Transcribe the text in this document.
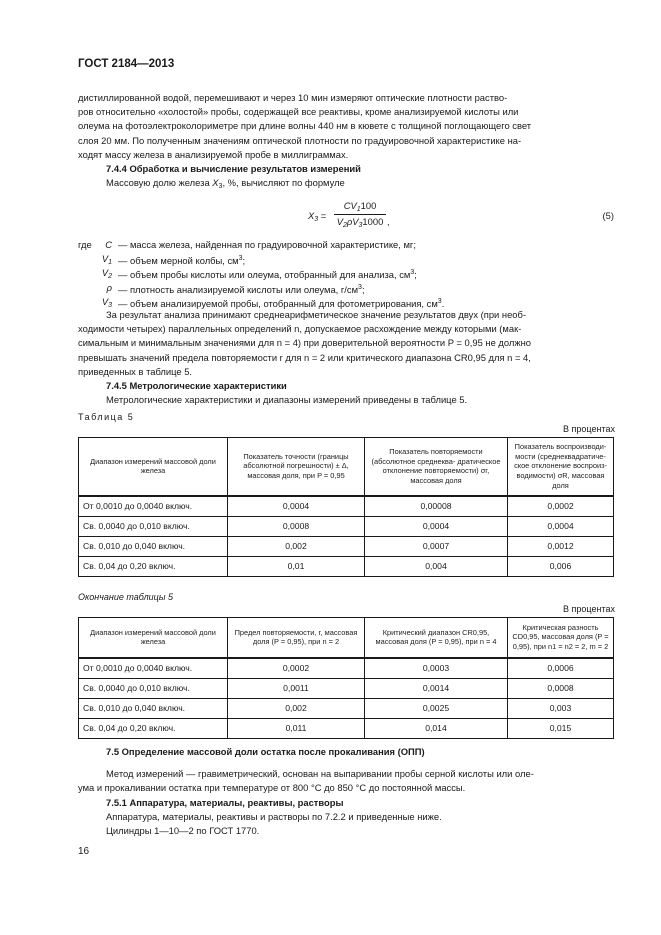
ГОСТ 2184—2013
дистиллированной водой, перемешивают и через 10 мин измеряют оптические плотности раство-
ров относительно «холостой» пробы, содержащей все реактивы, кроме анализируемой кислоты или
олеума на фотоэлектроколориметре при длине волны 440 нм в кювете с толщиной поглощающего свет
слоя 20 мм. По полученным значениям оптической плотности по градуировочной характеристике на-
ходят массу железа в анализируемой пробе в миллиграммах.
7.4.4 Обработка и вычисление результатов измерений
Массовую долю железа $X_3$, %, вычисляют по формуле
$X_3 = \frac{CV_1100}{V_2\rho V_31000}$ ,
(5)
где	C — масса железа, найденная по градуировочной характеристике, мг;
$V_1$ — объем мерной колбы, $см^3$;
$V_2$ — объем пробы кислоты или олеума, отобранный для анализа, $см^3$;
ρ — плотность анализируемой кислоты или олеума, $г/см^3$;
$V_3$ — объем анализируемой пробы, отобранный для фотометрирования, $см^3$.
За результат анализа принимают среднеарифметическое значение результатов двух (при необ-
ходимости четырех) параллельных определений n, допускаемое расхождение между которыми (мак-
симальным и минимальным значениями для n = 4) при доверительной вероятности P = 0,95 не должно
превышать значений предела повторяемости r для n = 2 или критического диапазона CR0,95 для n = 4,
приведенных в таблице 5.
7.4.5 Метрологические характеристики
Метрологические характеристики и диапазоны измерений приведены в таблице 5.
Таблица 5
В процентах
Диапазон измерений массовой доли железа	Показатель точности (границы абсолютной погрешности) ± Δ, массовая доля, при P = 0,95	Показатель повторяемости (абсолютное среднеква- дратическое отклонение повторяемости) σr, массовая доля	Показатель воспроизводи- мости (среднеквадратиче- ское отклонение воспроиз- водимости) σR, массовая доля
От 0,0010 до 0,0040 включ.	0,0004	0,00008	0,0002
Св. 0,0040 до 0,010 включ.	0,0008	0,0004	0,0004
Св. 0,010 до 0,040 включ.	0,002	0,0007	0,0012
Св. 0,04 до 0,20 включ.	0,01	0,004	0,006
Окончание таблицы 5
В процентах
Диапазон измерений массовой доли железа	Предел повторяемости, r, массовая доля (P = 0,95), при n = 2	Критический диапазон CR0,95, массовая доля (P = 0,95), при n = 4	Критическая разность CD0,95, массовая доля (P = 0,95), при n1 = n2 = 2, m = 2
От 0,0010 до 0,0040 включ.	0,0002	0,0003	0,0006
Св. 0,0040 до 0,010 включ.	0,0011	0,0014	0,0008
Св. 0,010 до 0,040 включ.	0,002	0,0025	0,003
Св. 0,04 до 0,20 включ.	0,011	0,014	0,015
7.5 Определение массовой доли остатка после прокаливания (ОПП)
Метод измерений — гравиметрический, основан на выпаривании пробы серной кислоты или оле-
ума и прокаливании остатка при температуре от 800 °С до 850 °С до постоянной массы.
7.5.1 Аппаратура, материалы, реактивы, растворы
Аппаратура, материалы, реактивы и растворы по 7.2.2 и приведенные ниже.
Цилиндры 1—10—2 по ГОСТ 1770.
16
